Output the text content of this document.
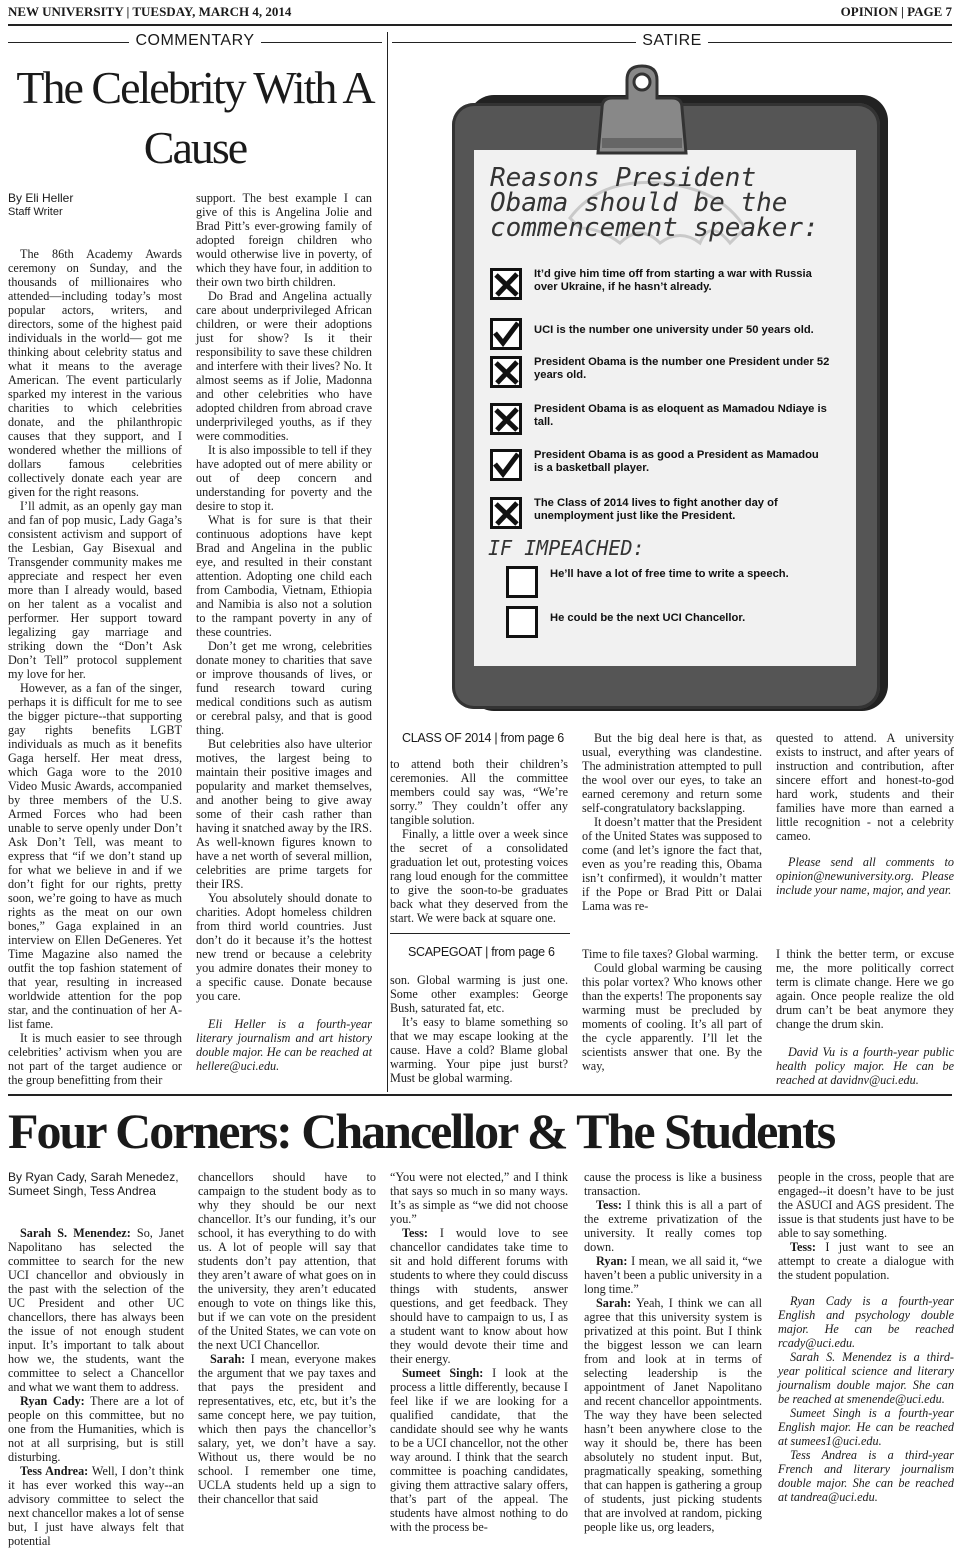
NEW UNIVERSITY | TUESDAY, MARCH 4, 2014	OPINION | PAGE 7
COMMENTARY	SATIRE
The Celebrity With A
Cause
By Eli Heller
Staff Writer

The 86th Academy Awards ceremony on Sunday, and the thousands of millionaires who attended—including today’s most popular actors, writers, and directors, some of the highest paid individuals in the world— got me thinking about celebrity status and what it means to the average American. The event particularly sparked my interest in the various charities to which celebrities donate, and the philanthropic causes that they support, and I wondered whether the millions of dollars famous celebrities collectively donate each year are given for the right reasons.

I’ll admit, as an openly gay man and fan of pop music, Lady Gaga’s consistent activism and support of the Lesbian, Gay Bisexual and Transgender community makes me appreciate and respect her even more than I already would, based on her talent as a vocalist and performer. Her support toward legalizing gay marriage and striking down the “Don’t Ask Don’t Tell” protocol supplement my love for her.

However, as a fan of the singer, perhaps it is difficult for me to see the bigger picture--that supporting gay rights benefits LGBT individuals as much as it benefits Gaga herself. Her meat dress, which Gaga wore to the 2010 Video Music Awards, accompanied by three members of the U.S. Armed Forces who had been unable to serve openly under Don’t Ask Don’t Tell, was meant to express that “if we don’t stand up for what we believe in and if we don’t fight for our rights, pretty soon, we’re going to have as much rights as the meat on our own bones,” Gaga explained in an interview on Ellen DeGeneres. Yet Time Magazine also named the outfit the top fashion statement of that year, resulting in increased worldwide attention for the pop star, and the continuation of her A-list fame.

It is much easier to see through celebrities’ activism when you are not part of the target audience or the group benefitting from their

support. The best example I can give of this is Angelina Jolie and Brad Pitt’s ever-growing family of adopted foreign children who would otherwise live in poverty, of which they have four, in addition to their own two birth children.

Do Brad and Angelina actually care about underprivileged African children, or were their adoptions just for show? Is it their responsibility to save these children and interfere with their lives? No. It almost seems as if Jolie, Madonna and other celebrities who have adopted children from abroad crave underprivileged youths, as if they were commodities.

It is also impossible to tell if they have adopted out of mere ability or out of deep concern and understanding for poverty and the desire to stop it.

What is for sure is that their continuous adoptions have kept Brad and Angelina in the public eye, and resulted in their constant attention. Adopting one child each from Cambodia, Vietnam, Ethiopia and Namibia is also not a solution to the rampant poverty in any of these countries.

Don’t get me wrong, celebrities donate money to charities that save or improve thousands of lives, or fund research toward curing medical conditions such as autism or cerebral palsy, and that is good thing.

But celebrities also have ulterior motives, the largest being to maintain their positive images and popularity and market themselves, and another being to give away some of their cash rather than having it snatched away by the IRS. As well-known figures known to have a net worth of several million, celebrities are prime targets for their IRS.

You absolutely should donate to charities. Adopt homeless children from third world countries. Just don’t do it because it’s the hottest new trend or because a celebrity you admire donates their money to a specific cause. Donate because you care.

Eli Heller is a fourth-year literary journalism and art history double major. He can be reached at hellere@uci.edu.

Reasons President Obama should be the commencement speaker:
It’d give him time off from starting a war with Russia over Ukraine, if he hasn’t already.
UCI is the number one university under 50 years old.
President Obama is the number one President under 52 years old.
President Obama is as eloquent as Mamadou Ndiaye is tall.
President Obama is as good a President as Mamadou is a basketball player.
The Class of 2014 lives to fight another day of unemployment just like the President.
IF IMPEACHED:
He’ll have a lot of free time to write a speech.
He could be the next UCI Chancellor.
CLASS OF 2014 | from page 6

to attend both their children’s ceremonies. All the committee members could say was, “We’re sorry.” They couldn’t offer any tangible solution.

Finally, a little over a week since the secret of a consolidated graduation let out, protesting voices rang loud enough for the committee to give the soon-to-be graduates back what they deserved from the start. We were back at square one.

But the big deal here is that, as usual, everything was clandestine. The administration attempted to pull the wool over our eyes, to take an earned ceremony and return some self-congratulatory backslapping.

It doesn’t matter that the President of the United States was supposed to come (and let’s ignore the fact that, even as you’re reading this, Obama isn’t confirmed), it wouldn’t matter if the Pope or Brad Pitt or Dalai Lama was re-

quested to attend. A university exists to instruct, and after years of instruction and contribution, after sincere effort and honest-to-god hard work, students and their families have more than earned a little recognition - not a celebrity cameo.

Please send all comments to opinion@newuniversity.org. Please include your name, major, and year.

SCAPEGOAT | from page 6

son. Global warming is just one. Some other examples: George Bush, saturated fat, etc.

It’s easy to blame something so that we may escape looking at the cause. Have a cold? Blame global warming. Your pipe just burst? Must be global warming.

Time to file taxes? Global warming.

Could global warming be causing this polar vortex? Who knows other than the experts! The proponents say warming must be precluded by moments of cooling. It’s all part of the cycle apparently. I’ll let the scientists answer that one. By the way,

I think the better term, or excuse me, the more politically correct term is climate change. Here we go again. Once people realize the old drum can’t be beat anymore they change the drum skin.

David Vu is a fourth-year public health policy major. He can be reached at davidnv@uci.edu.

Four Corners: Chancellor & The Students
By Ryan Cady, Sarah Menedez, Sumeet Singh, Tess Andrea

Sarah S. Menendez: So, Janet Napolitano has selected the committee to search for the new UCI chancellor and obviously in the past with the selection of the UC President and other UC chancellors, there has always been the issue of not enough student input. It’s important to talk about how we, the students, want the committee to select a Chancellor and what we want them to address.

Ryan Cady: There are a lot of people on this committee, but no one from the Humanities, which is not at all surprising, but is still disturbing.

Tess Andrea: Well, I don’t think it has ever worked this way--an advisory committee to select the next chancellor makes a lot of sense but, I just have always felt that potential

chancellors should have to campaign to the student body as to why they should be our next chancellor. It’s our funding, it’s our school, it has everything to do with us. A lot of people will say that students don’t pay attention, that they aren’t aware of what goes on in the university, they aren’t educated enough to vote on things like this, but if we can vote on the president of the United States, we can vote on the next UCI Chancellor.

Sarah: I mean, everyone makes the argument that we pay taxes and that pays the president and representatives, etc, etc, but it’s the same concept here, we pay tuition, which then pays the chancellor’s salary, yet, we don’t have a say. Without us, there would be no school. I remember one time, UCLA students held up a sign to their chancellor that said

“You were not elected,” and I think that says so much in so many ways. It’s as simple as “we did not choose you.”

Tess: I would love to see chancellor candidates take time to sit and hold different forums with students to where they could discuss things with students, answer questions, and get feedback. They should have to campaign to us, I as a student want to know about how they would devote their time and their energy.

Sumeet Singh: I look at the process a little differently, because I feel like if we are looking for a qualified candidate, that the candidate should see why he wants to be a UCI chancellor, not the other way around. I think that the search committee is poaching candidates, giving them attractive salary offers, that’s part of the appeal. The students have almost nothing to do with the process be-

cause the process is like a business transaction.

Tess: I think this is all a part of the extreme privatization of the university. It really comes top down.

Ryan: I mean, we all said it, “we haven’t been a public university in a long time.”

Sarah: Yeah, I think we can all agree that this university system is privatized at this point. But I think the biggest lesson we can learn from and look at in terms of selecting leadership is the appointment of Janet Napolitano and recent chancellor appointments. The way they have been selected hasn’t been anywhere close to the way it should be, there has been absolutely no student input. But, pragmatically speaking, something that can happen is gathering a group of students, just picking students that are involved at random, picking people like us, org leaders,

people in the cross, people that are engaged--it doesn’t have to be just the ASUCI and AGS president. The issue is that students just have to be able to say something.

Tess: I just want to see an attempt to create a dialogue with the student population.

Ryan Cady is a fourth-year English and psychology double major. He can be reached rcady@uci.edu.

Sarah S. Menendez is a third-year political science and literary journalism double major. She can be reached at smenende@uci.edu.

Sumeet Singh is a fourth-year English major. He can be reached at sumees1@uci.edu.

Tess Andrea is a third-year French and literary journalism double major. She can be reached at tandrea@uci.edu.
